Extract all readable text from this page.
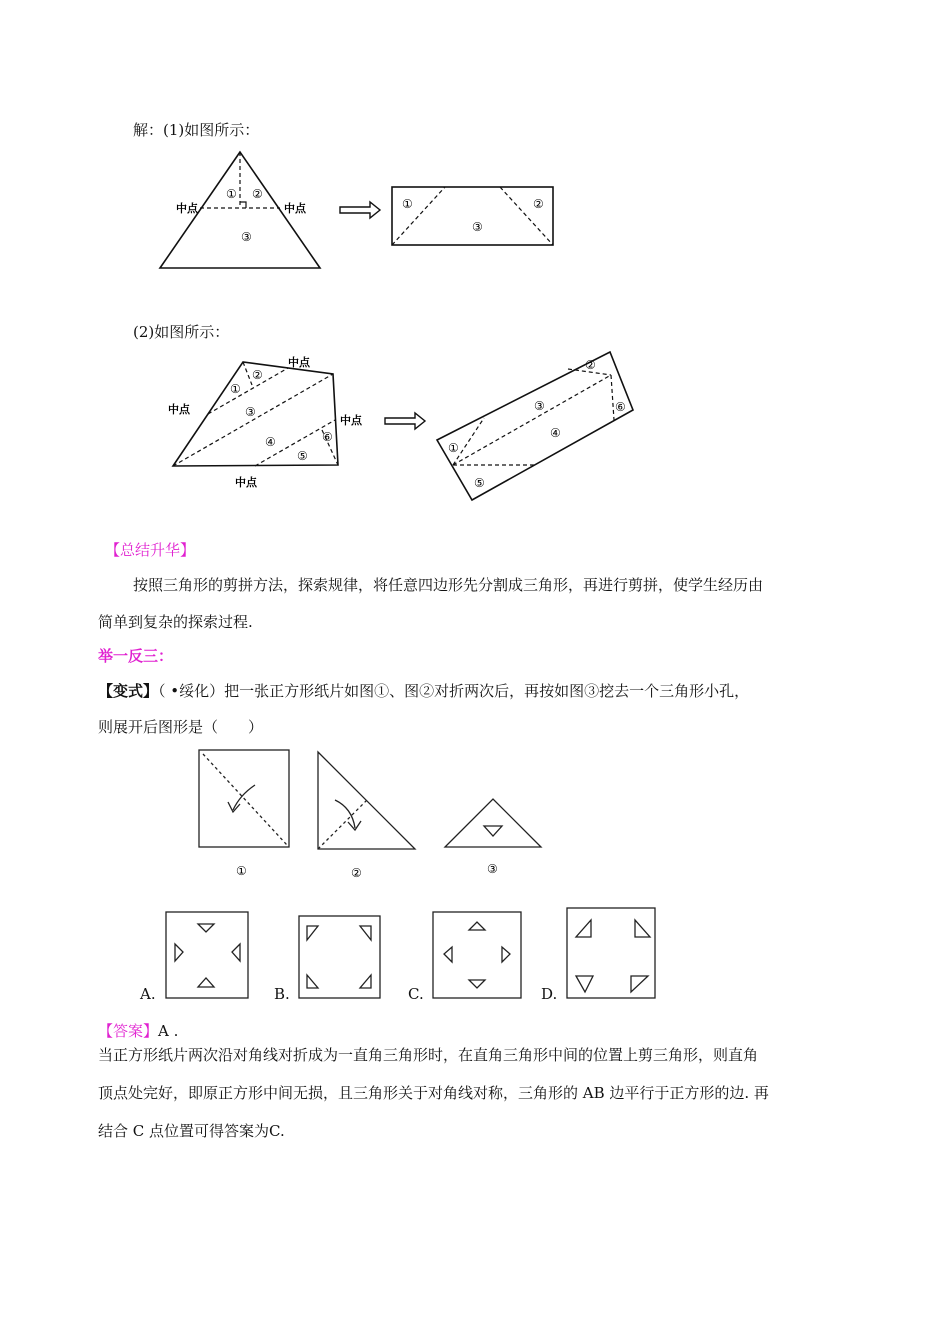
解：(1)如图所示：
中点	中点
① ②
③
①	②
③
中点
中点
中点
中点
①
②
③
④
⑤
⑥
①
②
③
④
⑤
⑥
①	②	③
(2)如图所示：
【总结升华】
按照三角形的剪拼方法，探索规律，将任意四边形先分割成三角形，再进行剪拼，使学生经历由
简单到复杂的探索过程.
举一反三：
【变式】（ •绥化）把一张正方形纸片如图①、图②对折两次后，再按如图③挖去一个三角形小孔，
则展开后图形是（　　）
A.	B.	C.	D.
【答案】A .
当正方形纸片两次沿对角线对折成为一直角三角形时，在直角三角形中间的位置上剪三角形，则直角
顶点处完好，即原正方形中间无损，且三角形关于对角线对称，三角形的 AB 边平行于正方形的边. 再
结合 C 点位置可得答案为C.
